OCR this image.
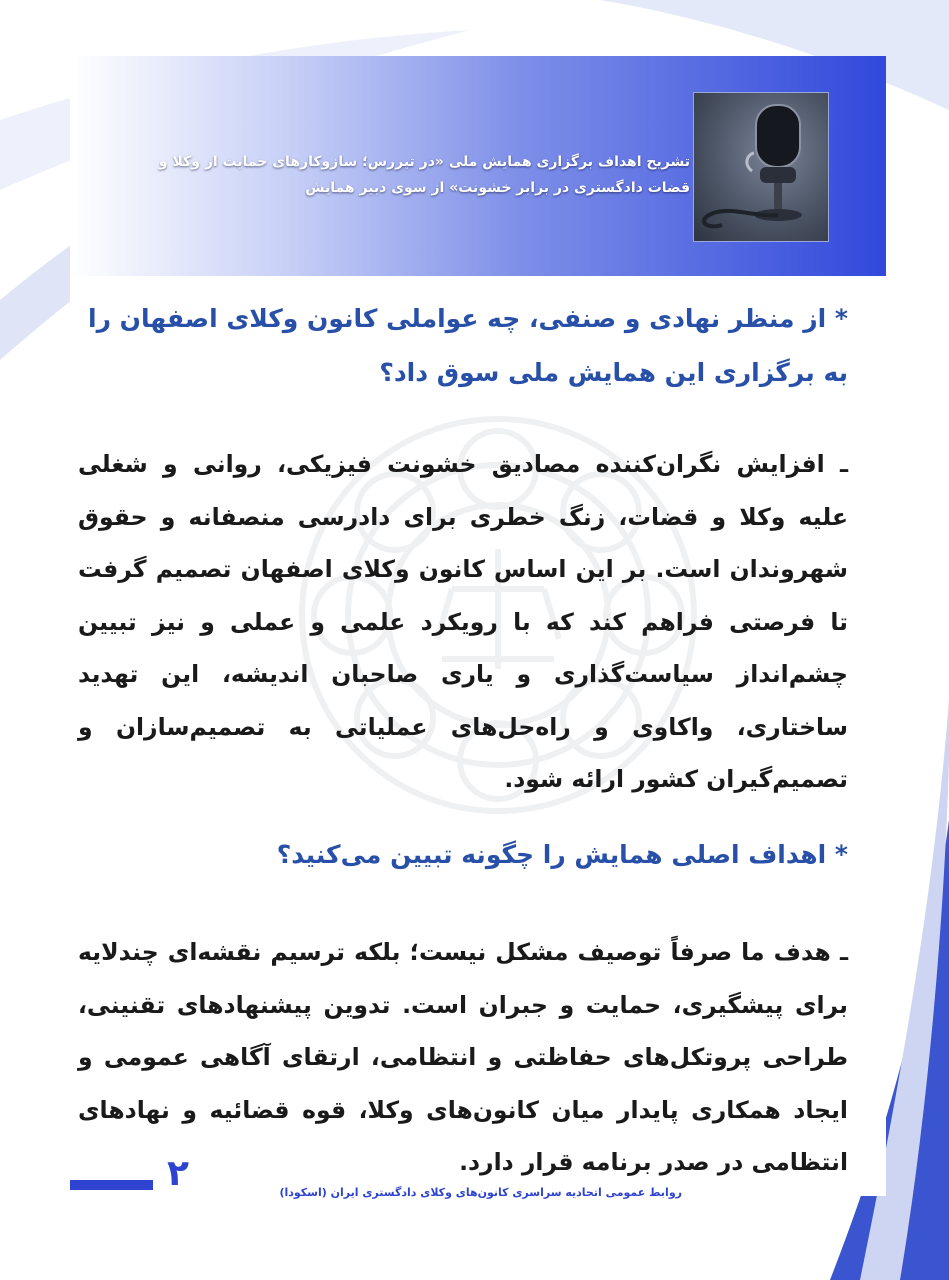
تشریح اهداف برگزاری همایش ملی «در تیررس؛ سازوکارهای حمایت از وکلا و قضات دادگستری در برابر خشونت» از سوی دبیر همایش
* از منظر نهادی و صنفی، چه عواملی کانون وکلای اصفهان را به برگزاری این همایش ملی سوق داد؟
ـ افزایش نگران‌کننده مصادیق خشونت فیزیکی، روانی و شغلی علیه وکلا و قضات، زنگ خطری برای دادرسی منصفانه و حقوق شهروندان است. بر این اساس کانون وکلای اصفهان تصمیم گرفت تا فرصتی فراهم کند که با رویکرد علمی و عملی و نیز تبیین چشم‌انداز سیاست‌گذاری و یاری صاحبان اندیشه، این تهدید ساختاری، واکاوی و راه‌حل‌های عملیاتی به تصمیم‌سازان و تصمیم‌گیران کشور ارائه شود.
* اهداف اصلی همایش را چگونه تبیین می‌کنید؟
ـ هدف ما صرفاً توصیف مشکل نیست؛ بلکه ترسیم نقشه‌ای چندلایه برای پیشگیری، حمایت و جبران است. تدوین پیشنهادهای تقنینی، طراحی پروتکل‌های حفاظتی و انتظامی، ارتقای آگاهی عمومی و ایجاد همکاری پایدار میان کانون‌های وکلا، قوه قضائیه و نهادهای انتظامی در صدر برنامه قرار دارد.
۲	روابط عمومی اتحادیه سراسری کانون‌های وکلای دادگستری ایران (اسکودا)
